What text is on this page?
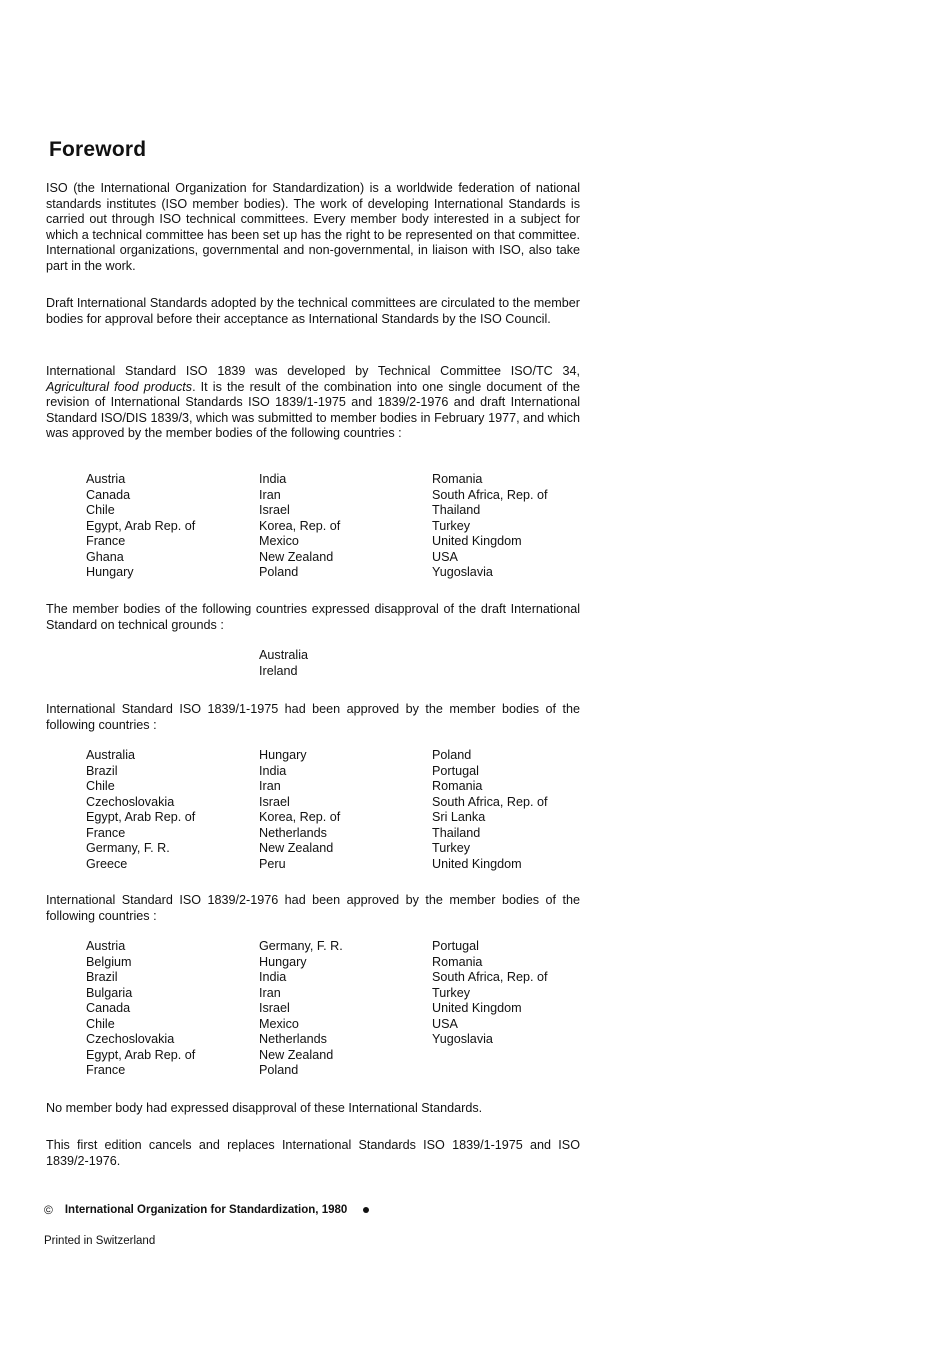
Foreword

ISO (the International Organization for Standardization) is a worldwide federation of national standards institutes (ISO member bodies). The work of developing International Standards is carried out through ISO technical committees. Every member body interested in a subject for which a technical committee has been set up has the right to be represented on that committee. International organizations, governmental and non-governmental, in liaison with ISO, also take part in the work.

Draft International Standards adopted by the technical committees are circulated to the member bodies for approval before their acceptance as International Standards by the ISO Council.

International Standard ISO 1839 was developed by Technical Committee ISO/TC 34, Agricultural food products. It is the result of the combination into one single document of the revision of International Standards ISO 1839/1-1975 and 1839/2-1976 and draft International Standard ISO/DIS 1839/3, which was submitted to member bodies in February 1977, and which was approved by the member bodies of the following countries :

Austria
Canada
Chile
Egypt, Arab Rep. of
France
Ghana
Hungary
India
Iran
Israel
Korea, Rep. of
Mexico
New Zealand
Poland
Romania
South Africa, Rep. of
Thailand
Turkey
United Kingdom
USA
Yugoslavia

The member bodies of the following countries expressed disapproval of the draft International Standard on technical grounds :

Australia
Ireland

International Standard ISO 1839/1-1975 had been approved by the member bodies of the following countries :

Australia
Brazil
Chile
Czechoslovakia
Egypt, Arab Rep. of
France
Germany, F. R.
Greece
Hungary
India
Iran
Israel
Korea, Rep. of
Netherlands
New Zealand
Peru
Poland
Portugal
Romania
South Africa, Rep. of
Sri Lanka
Thailand
Turkey
United Kingdom

International Standard ISO 1839/2-1976 had been approved by the member bodies of the following countries :

Austria
Belgium
Brazil
Bulgaria
Canada
Chile
Czechoslovakia
Egypt, Arab Rep. of
France
Germany, F. R.
Hungary
India
Iran
Israel
Mexico
Netherlands
New Zealand
Poland
Portugal
Romania
South Africa, Rep. of
Turkey
United Kingdom
USA
Yugoslavia

No member body had expressed disapproval of these International Standards.

This first edition cancels and replaces International Standards ISO 1839/1-1975 and ISO 1839/2-1976.

© International Organization for Standardization, 1980
Printed in Switzerland
